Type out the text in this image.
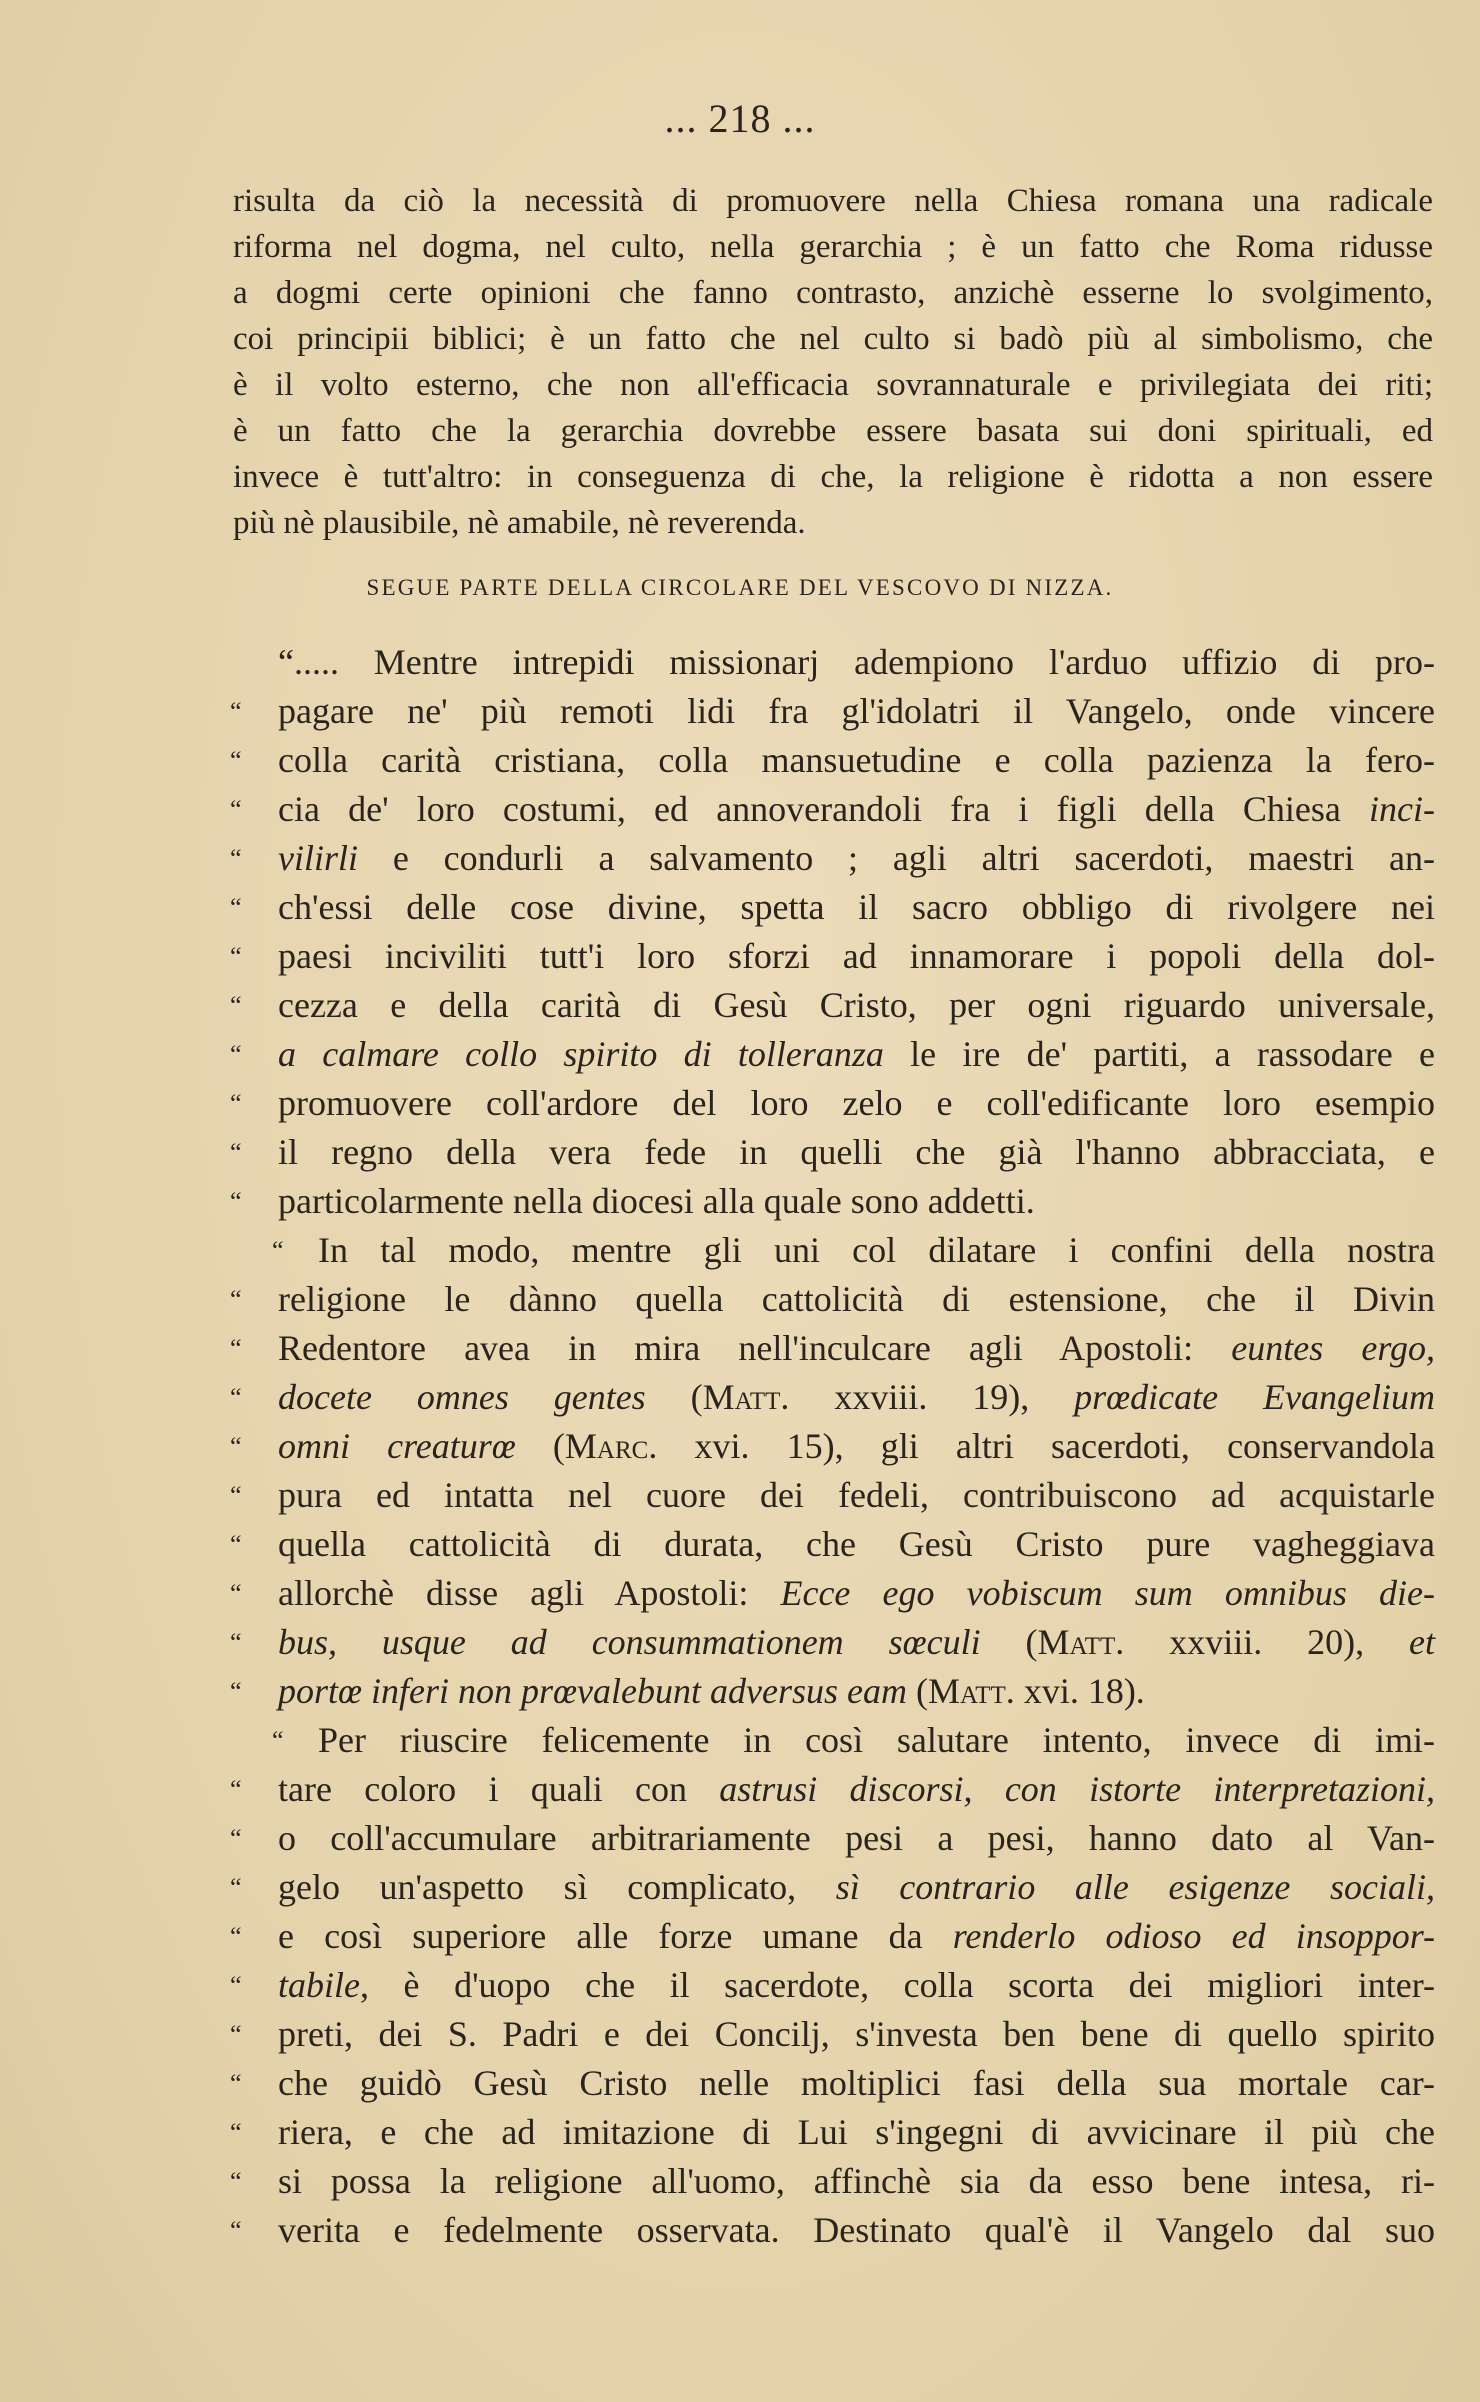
... 218 ...
risulta da ciò la necessità di promuovere nella Chiesa romana una radicale
riforma nel dogma, nel culto, nella gerarchia ; è un fatto che Roma ridusse
a dogmi certe opinioni che fanno contrasto, anzichè esserne lo svolgimento,
coi principii biblici; è un fatto che nel culto si badò più al simbolismo, che
è il volto esterno, che non all'efficacia sovrannaturale e privilegiata dei riti;
è un fatto che la gerarchia dovrebbe essere basata sui doni spirituali, ed
invece è tutt'altro: in conseguenza di che, la religione è ridotta a non essere
più nè plausibile, nè amabile, nè reverenda.
SEGUE PARTE DELLA CIRCOLARE DEL VESCOVO DI NIZZA.
“..... Mentre intrepidi missionarj adempiono l'arduo uffizio di pro-
“	pagare ne' più remoti lidi fra gl'idolatri il Vangelo, onde vincere
“	colla carità cristiana, colla mansuetudine e colla pazienza la fero-
“	cia de' loro costumi, ed annoverandoli fra i figli della Chiesa inci-
“	vilirli e condurli a salvamento ; agli altri sacerdoti, maestri an-
“	ch'essi delle cose divine, spetta il sacro obbligo di rivolgere nei
“	paesi inciviliti tutt'i loro sforzi ad innamorare i popoli della dol-
“	cezza e della carità di Gesù Cristo, per ogni riguardo universale,
“	a calmare collo spirito di tolleranza le ire de' partiti, a rassodare e
“	promuovere coll'ardore del loro zelo e coll'edificante loro esempio
“	il regno della vera fede in quelli che già l'hanno abbracciata, e
“	particolarmente nella diocesi alla quale sono addetti.
“ In tal modo, mentre gli uni col dilatare i confini della nostra
“	religione le dànno quella cattolicità di estensione, che il Divin
“	Redentore avea in mira nell'inculcare agli Apostoli: euntes ergo,
“	docete omnes gentes (Matt. xxviii. 19), prœdicate Evangelium
“	omni creaturœ (Marc. xvi. 15), gli altri sacerdoti, conservandola
“	pura ed intatta nel cuore dei fedeli, contribuiscono ad acquistarle
“	quella cattolicità di durata, che Gesù Cristo pure vagheggiava
“	allorchè disse agli Apostoli: Ecce ego vobiscum sum omnibus die-
“	bus, usque ad consummationem sœculi (Matt. xxviii. 20), et
“	portœ inferi non prœvalebunt adversus eam (Matt. xvi. 18).
“ Per riuscire felicemente in così salutare intento, invece di imi-
“	tare coloro i quali con astrusi discorsi, con istorte interpretazioni,
“	o coll'accumulare arbitrariamente pesi a pesi, hanno dato al Van-
“	gelo un'aspetto sì complicato, sì contrario alle esigenze sociali,
“	e così superiore alle forze umane da renderlo odioso ed insoppor-
“	tabile, è d'uopo che il sacerdote, colla scorta dei migliori inter-
“	preti, dei S. Padri e dei Concilj, s'investa ben bene di quello spirito
“	che guidò Gesù Cristo nelle moltiplici fasi della sua mortale car-
“	riera, e che ad imitazione di Lui s'ingegni di avvicinare il più che
“	si possa la religione all'uomo, affinchè sia da esso bene intesa, ri-
“	verita e fedelmente osservata. Destinato qual'è il Vangelo dal suo
